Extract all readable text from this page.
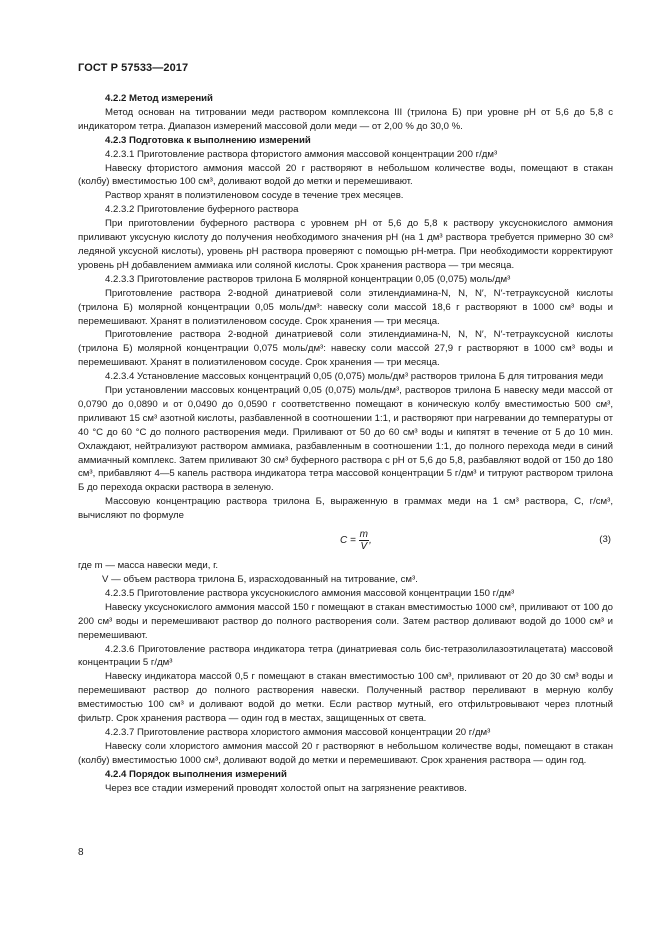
ГОСТ Р 57533—2017

4.2.2 Метод измерений

Метод основан на титровании меди раствором комплексона III (трилона Б) при уровне рН от 5,6 до 5,8 с индикатором тетра. Диапазон измерений массовой доли меди — от 2,00 % до 30,0 %.

4.2.3 Подготовка к выполнению измерений

4.2.3.1 Приготовление раствора фтористого аммония массовой концентрации 200 г/дм³

Навеску фтористого аммония массой 20 г растворяют в небольшом количестве воды, помещают в стакан (колбу) вместимостью 100 см³, доливают водой до метки и перемешивают.

Раствор хранят в полиэтиленовом сосуде в течение трех месяцев.

4.2.3.2 Приготовление буферного раствора

При приготовлении буферного раствора с уровнем рН от 5,6 до 5,8 к раствору уксуснокислого аммония приливают уксусную кислоту до получения необходимого значения рН (на 1 дм³ раствора требуется примерно 30 см³ ледяной уксусной кислоты), уровень рН раствора проверяют с помощью рН-метра. При необходимости корректируют уровень рН добавлением аммиака или соляной кислоты. Срок хранения раствора — три месяца.

4.2.3.3 Приготовление растворов трилона Б молярной концентрации 0,05 (0,075) моль/дм³

Приготовление раствора 2-водной динатриевой соли этилендиамина-N, N, N′, N′-тетрауксусной кислоты (трилона Б) молярной концентрации 0,05 моль/дм³: навеску соли массой 18,6 г растворяют в 1000 см³ воды и перемешивают. Хранят в полиэтиленовом сосуде. Срок хранения — три месяца.

Приготовление раствора 2-водной динатриевой соли этилендиамина-N, N, N′, N′-тетрауксусной кислоты (трилона Б) молярной концентрации 0,075 моль/дм³: навеску соли массой 27,9 г растворяют в 1000 см³ воды и перемешивают. Хранят в полиэтиленовом сосуде. Срок хранения — три месяца.

4.2.3.4 Установление массовых концентраций 0,05 (0,075) моль/дм³ растворов трилона Б для титрования меди

При установлении массовых концентраций 0,05 (0,075) моль/дм³, растворов трилона Б навеску меди массой от 0,0790 до 0,0890 и от 0,0490 до 0,0590 г соответственно помещают в коническую колбу вместимостью 500 см³, приливают 15 см³ азотной кислоты, разбавленной в соотношении 1:1, и растворяют при нагревании до температуры от 40 °С до 60 °С до полного растворения меди. Приливают от 50 до 60 см³ воды и кипятят в течение от 5 до 10 мин. Охлаждают, нейтрализуют раствором аммиака, разбавленным в соотношении 1:1, до полного перехода меди в синий аммиачный комплекс. Затем приливают 30 см³ буферного раствора с рН от 5,6 до 5,8, разбавляют водой от 150 до 180 см³, прибавляют 4—5 капель раствора индикатора тетра массовой концентрации 5 г/дм³ и титруют раствором трилона Б до перехода окраски раствора в зеленую.

Массовую концентрацию раствора трилона Б, выраженную в граммах меди на 1 см³ раствора, С, г/см³, вычисляют по формуле

$C = \frac{m}{V}$ ,	(3)

где m — масса навески меди, г.

V — объем раствора трилона Б, израсходованный на титрование, см³.

4.2.3.5 Приготовление раствора уксуснокислого аммония массовой концентрации 150 г/дм³

Навеску уксуснокислого аммония массой 150 г помещают в стакан вместимостью 1000 см³, приливают от 100 до 200 см³ воды и перемешивают раствор до полного растворения соли. Затем раствор доливают водой до 1000 см³ и перемешивают.

4.2.3.6 Приготовление раствора индикатора тетра (динатриевая соль бис-тетразолилазоэтилацетата) массовой концентрации 5 г/дм³

Навеску индикатора массой 0,5 г помещают в стакан вместимостью 100 см³, приливают от 20 до 30 см³ воды и перемешивают раствор до полного растворения навески. Полученный раствор переливают в мерную колбу вместимостью 100 см³ и доливают водой до метки. Если раствор мутный, его отфильтровывают через плотный фильтр. Срок хранения раствора — один год в местах, защищенных от света.

4.2.3.7 Приготовление раствора хлористого аммония массовой концентрации 20 г/дм³

Навеску соли хлористого аммония массой 20 г растворяют в небольшом количестве воды, помещают в стакан (колбу) вместимостью 1000 см³, доливают водой до метки и перемешивают. Срок хранения раствора — один год.

4.2.4 Порядок выполнения измерений

Через все стадии измерений проводят холостой опыт на загрязнение реактивов.

8
